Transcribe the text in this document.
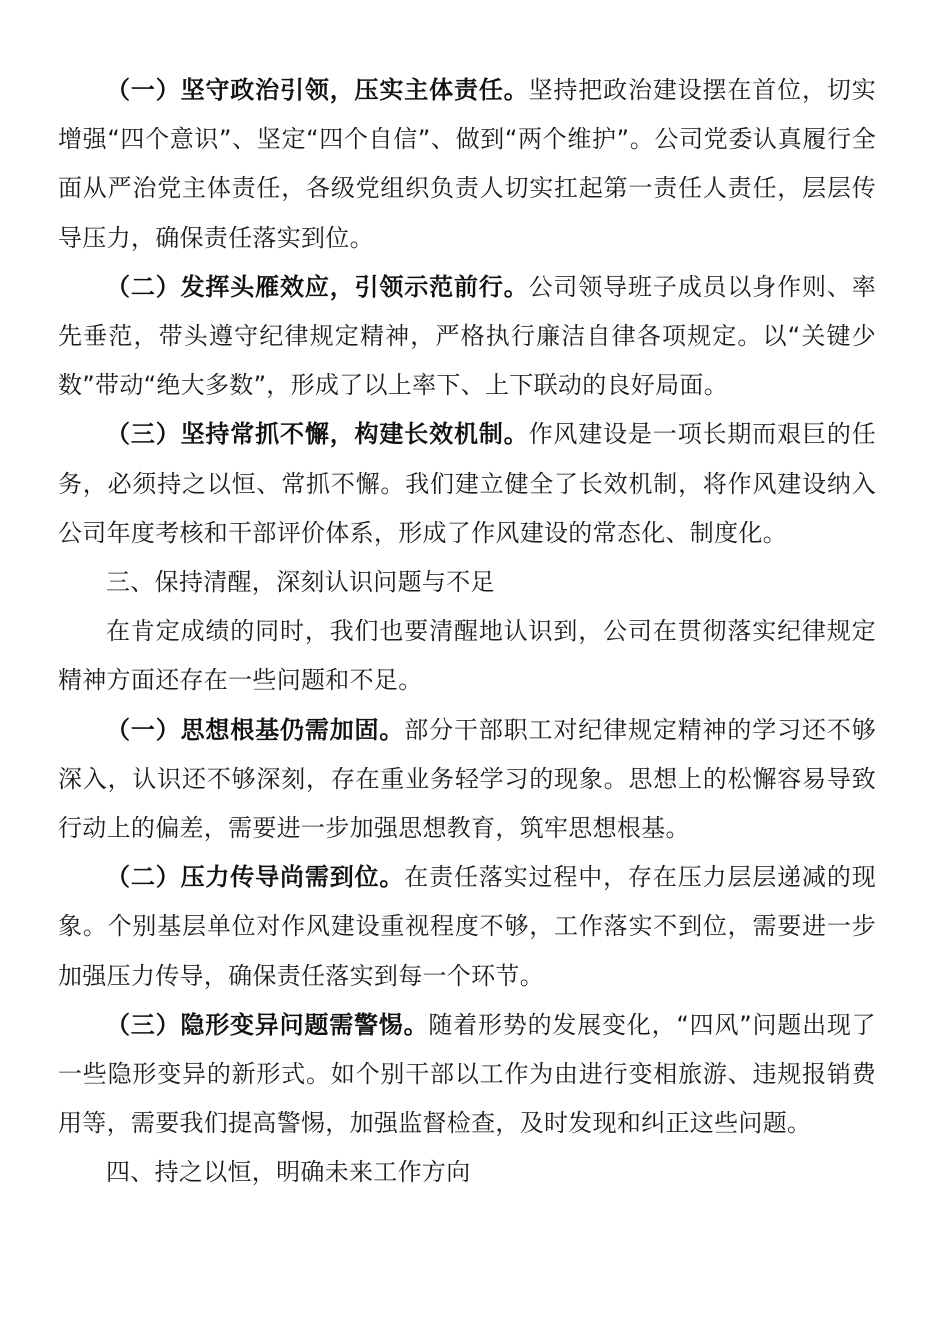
（一）坚守政治引领，压实主体责任。坚持把政治建设摆在首位，切实增强“四个意识”、坚定“四个自信”、做到“两个维护”。公司党委认真履行全面从严治党主体责任，各级党组织负责人切实扛起第一责任人责任，层层传导压力，确保责任落实到位。

（二）发挥头雁效应，引领示范前行。公司领导班子成员以身作则、率先垂范，带头遵守纪律规定精神，严格执行廉洁自律各项规定。以“关键少数”带动“绝大多数”，形成了以上率下、上下联动的良好局面。

（三）坚持常抓不懈，构建长效机制。作风建设是一项长期而艰巨的任务，必须持之以恒、常抓不懈。我们建立健全了长效机制，将作风建设纳入公司年度考核和干部评价体系，形成了作风建设的常态化、制度化。

三、保持清醒，深刻认识问题与不足

在肯定成绩的同时，我们也要清醒地认识到，公司在贯彻落实纪律规定精神方面还存在一些问题和不足。

（一）思想根基仍需加固。部分干部职工对纪律规定精神的学习还不够深入，认识还不够深刻，存在重业务轻学习的现象。思想上的松懈容易导致行动上的偏差，需要进一步加强思想教育，筑牢思想根基。

（二）压力传导尚需到位。在责任落实过程中，存在压力层层递减的现象。个别基层单位对作风建设重视程度不够，工作落实不到位，需要进一步加强压力传导，确保责任落实到每一个环节。

（三）隐形变异问题需警惕。随着形势的发展变化，“四风”问题出现了一些隐形变异的新形式。如个别干部以工作为由进行变相旅游、违规报销费用等，需要我们提高警惕，加强监督检查，及时发现和纠正这些问题。

四、持之以恒，明确未来工作方向
